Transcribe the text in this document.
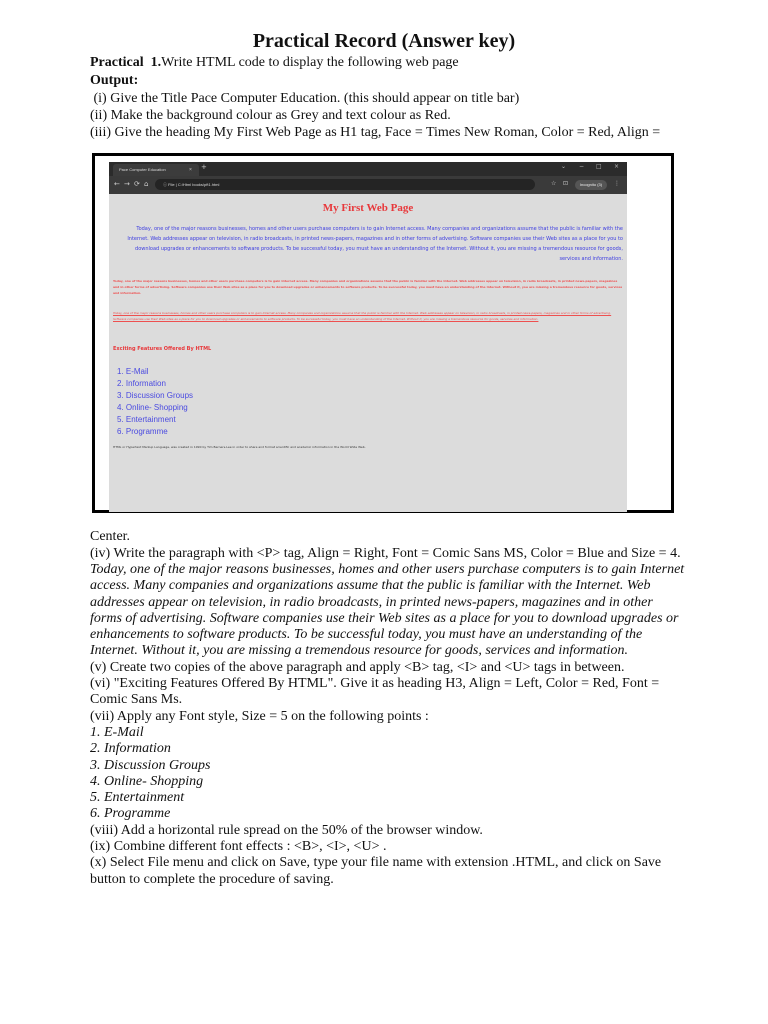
Practical Record (Answer key)

Practical 1.Write HTML code to display the following web page

Output:

(i) Give the Title Pace Computer Education. (this should appear on title bar)

(ii) Make the background colour as Grey and text colour as Red.

(iii) Give the heading My First Web Page as H1 tag, Face = Times New Roman, Color = Red, Align =

Pace Computer Education	× +	⌄ − □ ×
← → ⟳ ⌂	ⓘ File | C:/Html books/pft1.html	☆ ⊡	Incognito (3)	⋮
My First Web Page

Today, one of the major reasons businesses, homes and other users purchase computers is to gain Internet access. Many companies and organizations assume that the public is familiar with the Internet. Web addresses appear on television, in radio broadcasts, in printed news-papers, magazines and in other forms of advertising. Software companies use their Web sites as a place for you to download upgrades or enhancements to software products. To be successful today, you must have an understanding of the Internet. Without it, you are missing a tremendous resource for goods, services and information.

Today, one of the major reasons businesses, homes and other users purchase computers is to gain Internet access. Many companies and organizations assume that the public is familiar with the Internet. Web addresses appear on television, in radio broadcasts, in printed news-papers, magazines and in other forms of advertising. Software companies use their Web sites as a place for you to download upgrades or enhancements to software products. To be successful today, you must have an understanding of the Internet. Without it, you are missing a tremendous resource for goods, services and information.

Today, one of the major reasons businesses, homes and other users purchase computers is to gain Internet access. Many companies and organizations assume that the public is familiar with the Internet. Web addresses appear on television, in radio broadcasts, in printed news-papers, magazines and in other forms of advertising. Software companies use their Web sites as a place for you to download upgrades or enhancements to software products. To be successful today, you must have an understanding of the Internet. Without it, you are missing a tremendous resource for goods, services and information.

Exciting Features Offered By HTML
1. E-Mail
2. Information
3. Discussion Groups
4. Online- Shopping
5. Entertainment
6. Programme

HTML or Hypertext Markup Language, was created in 1990 by Tim Berners-Lee in order to share and format scientific and academic information in the World Wide Web.

Center.

(iv) Write the paragraph with <P> tag, Align = Right, Font = Comic Sans MS, Color = Blue and Size = 4.

Today, one of the major reasons businesses, homes and other users purchase computers is to gain Internet

access. Many companies and organizations assume that the public is familiar with the Internet. Web

addresses appear on television, in radio broadcasts, in printed news-papers, magazines and in other

forms of advertising. Software companies use their Web sites as a place for you to download upgrades or

enhancements to software products. To be successful today, you must have an understanding of the

Internet. Without it, you are missing a tremendous resource for goods, services and information.

(v) Create two copies of the above paragraph and apply <B> tag, <I> and <U> tags in between.

(vi) "Exciting Features Offered By HTML". Give it as heading H3, Align = Left, Color = Red, Font =

Comic Sans Ms.

(vii) Apply any Font style, Size = 5 on the following points :

1. E-Mail

2. Information

3. Discussion Groups

4. Online- Shopping

5. Entertainment

6. Programme

(viii) Add a horizontal rule spread on the 50% of the browser window.

(ix) Combine different font effects : <B>, <I>, <U> .

(x) Select File menu and click on Save, type your file name with extension .HTML, and click on Save

button to complete the procedure of saving.
